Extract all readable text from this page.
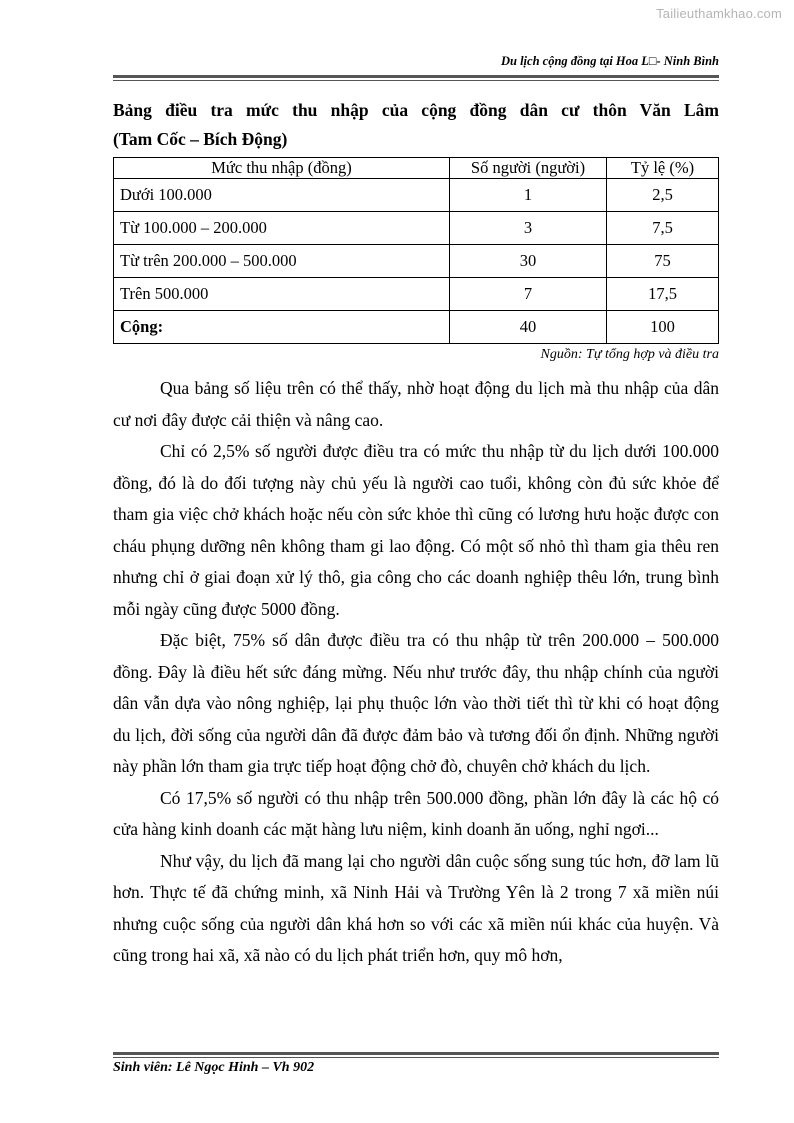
Tailieuthamkhao.com
Du lịch cộng đồng tại Hoa L□- Ninh Bình
Bảng điều tra mức thu nhập của cộng đồng dân cư thôn Văn Lâm
(Tam Cốc – Bích Động)
Mức thu nhập (đồng)	Số người (người)	Tỷ lệ (%)
Dưới 100.000	1	2,5
Từ 100.000 – 200.000	3	7,5
Từ trên 200.000 – 500.000	30	75
Trên 500.000	7	17,5
Cộng:	40	100
Nguồn: Tự tổng hợp và điều tra

Qua bảng số liệu trên có thể thấy, nhờ hoạt động du lịch mà thu nhập của dân cư nơi đây được cải thiện và nâng cao.

Chỉ có 2,5% số người được điều tra có mức thu nhập từ du lịch dưới 100.000 đồng, đó là do đối tượng này chủ yếu là người cao tuổi, không còn đủ sức khỏe để tham gia việc chở khách hoặc nếu còn sức khỏe thì cũng có lương hưu hoặc được con cháu phụng dưỡng nên không tham gi lao động. Có một số nhỏ thì tham gia thêu ren nhưng chỉ ở giai đoạn xử lý thô, gia công cho các doanh nghiệp thêu lớn, trung bình mỗi ngày cũng được 5000 đồng.

Đặc biệt, 75% số dân được điều tra có thu nhập từ trên 200.000 – 500.000 đồng. Đây là điều hết sức đáng mừng. Nếu như trước đây, thu nhập chính của người dân vẫn dựa vào nông nghiệp, lại phụ thuộc lớn vào thời tiết thì từ khi có hoạt động du lịch, đời sống của người dân đã được đảm bảo và tương đối ổn định. Những người này phần lớn tham gia trực tiếp hoạt động chở đò, chuyên chở khách du lịch.

Có 17,5% số người có thu nhập trên 500.000 đồng, phần lớn đây là các hộ có cửa hàng kinh doanh các mặt hàng lưu niệm, kinh doanh ăn uống, nghỉ ngơi...

Như vậy, du lịch đã mang lại cho người dân cuộc sống sung túc hơn, đỡ lam lũ hơn. Thực tế đã chứng minh, xã Ninh Hải và Trường Yên là 2 trong 7 xã miền núi nhưng cuộc sống của người dân khá hơn so với các xã miền núi khác của huyện. Và cũng trong hai xã, xã nào có du lịch phát triển hơn, quy mô hơn,

Sinh viên: Lê Ngọc Hinh – Vh 902
